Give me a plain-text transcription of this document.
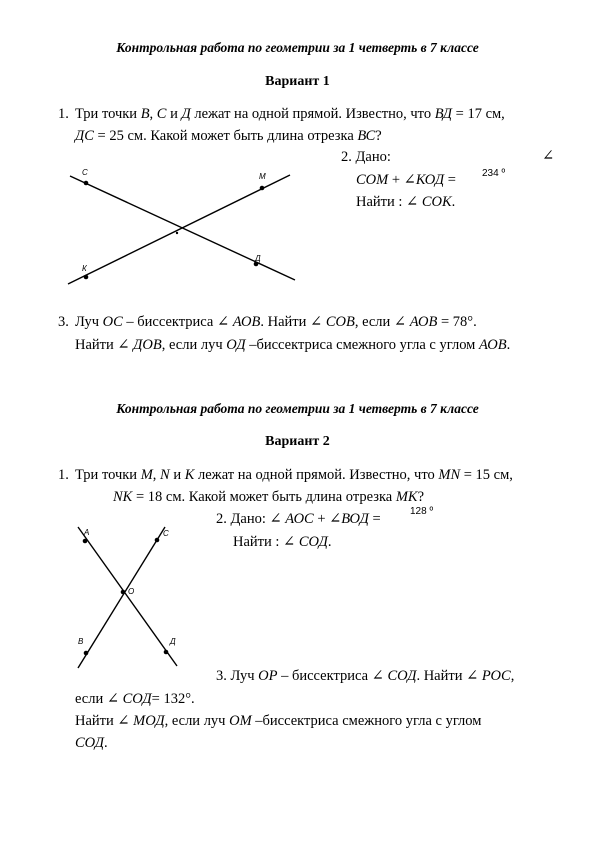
Контрольная работа по геометрии за 1 четверть в 7 классе
Вариант 1
1. Три точки B, C и Д лежат на одной прямой. Известно, что ВД = 17 см,
ДС = 25 см. Какой может быть длина отрезка ВС?
2. Дано:	∠
СОМ + ∠КОД =	234 º
Найти : ∠ СОК.
С	М
К
Д
3. Луч ОС – биссектриса ∠ АОВ. Найти ∠ СОВ, если ∠ АОВ = 78°.
Найти ∠ ДОВ, если луч ОД –биссектриса смежного угла с углом АОВ.
Контрольная работа по геометрии за 1 четверть в 7 классе
Вариант 2
1. Три точки M, N и K лежат на одной прямой. Известно, что MN = 15 см,
NK = 18 см. Какой может быть длина отрезка МК?
2. Дано: ∠ АОС + ∠ВОД =	128 º
Найти : ∠ СОД.
А	С
О
В	Д
3. Луч ОР – биссектриса ∠ СОД. Найти ∠ РОС,
если ∠ СОД= 132°.
Найти ∠ МОД, если луч ОМ –биссектриса смежного угла с углом
СОД.
